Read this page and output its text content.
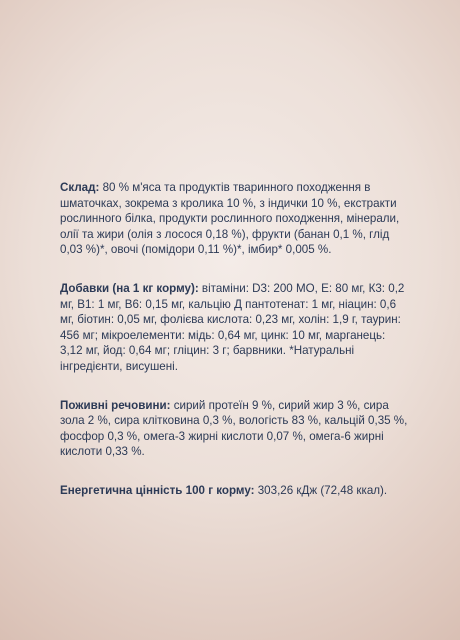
Склад: 80 % м'яса та продуктів тваринного походження в шматочках, зокрема з кролика 10 %, з індички 10 %, екстракти рослинного білка, продукти рослинного походження, мінерали, олії та жири (олія з лосося 0,18 %), фрукти (банан 0,1 %, глід 0,03 %)*, овочі (помідори 0,11 %)*, імбир* 0,005 %.

Добавки (на 1 кг корму): вітаміни: D3: 200 МО, Е: 80 мг, К3: 0,2 мг, В1: 1 мг, В6: 0,15 мг, кальцію Д пантотенат: 1 мг, ніацин: 0,6 мг, біотин: 0,05 мг, фолієва кислота: 0,23 мг, холін: 1,9 г, таурин: 456 мг; мікроелементи: мідь: 0,64 мг, цинк: 10 мг, марганець: 3,12 мг, йод: 0,64 мг; гліцин: 3 г; барвники. *Натуральні інгредієнти, висушені.

Поживні речовини: сирий протеїн 9 %, сирий жир 3 %, сира зола 2 %, сира клітковина 0,3 %, вологість 83 %, кальцій 0,35 %, фосфор 0,3 %, омега-3 жирні кислоти 0,07 %, омега-6 жирні кислоти 0,33 %.

Енергетична цінність 100 г корму: 303,26 кДж (72,48 ккал).
